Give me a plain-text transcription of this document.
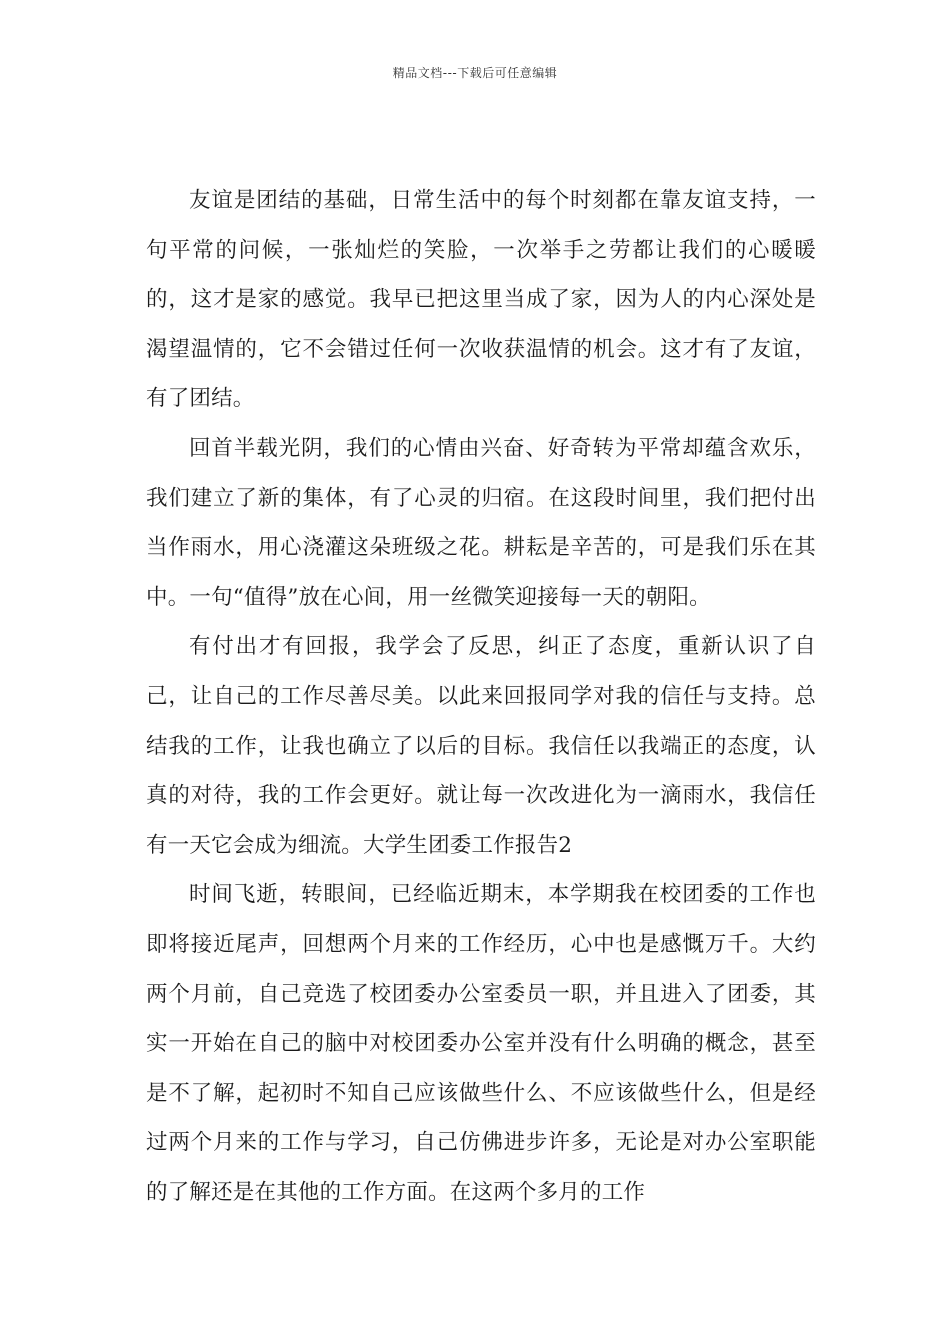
精品文档---下载后可任意编辑

友谊是团结的基础，日常生活中的每个时刻都在靠友谊支持，一句平常的问候，一张灿烂的笑脸，一次举手之劳都让我们的心暖暖的，这才是家的感觉。我早已把这里当成了家，因为人的内心深处是渴望温情的，它不会错过任何一次收获温情的机会。这才有了友谊，有了团结。

回首半载光阴，我们的心情由兴奋、好奇转为平常却蕴含欢乐，我们建立了新的集体，有了心灵的归宿。在这段时间里，我们把付出当作雨水，用心浇灌这朵班级之花。耕耘是辛苦的，可是我们乐在其中。一句“值得”放在心间，用一丝微笑迎接每一天的朝阳。

有付出才有回报，我学会了反思，纠正了态度，重新认识了自己，让自己的工作尽善尽美。以此来回报同学对我的信任与支持。总结我的工作，让我也确立了以后的目标。我信任以我端正的态度，认真的对待，我的工作会更好。就让每一次改进化为一滴雨水，我信任有一天它会成为细流。大学生团委工作报告2

时间飞逝，转眼间，已经临近期末，本学期我在校团委的工作也即将接近尾声，回想两个月来的工作经历，心中也是感慨万千。大约两个月前，自己竞选了校团委办公室委员一职，并且进入了团委，其实一开始在自己的脑中对校团委办公室并没有什么明确的概念，甚至是不了解，起初时不知自己应该做些什么、不应该做些什么，但是经过两个月来的工作与学习，自己仿佛进步许多，无论是对办公室职能的了解还是在其他的工作方面。在这两个多月的工作
